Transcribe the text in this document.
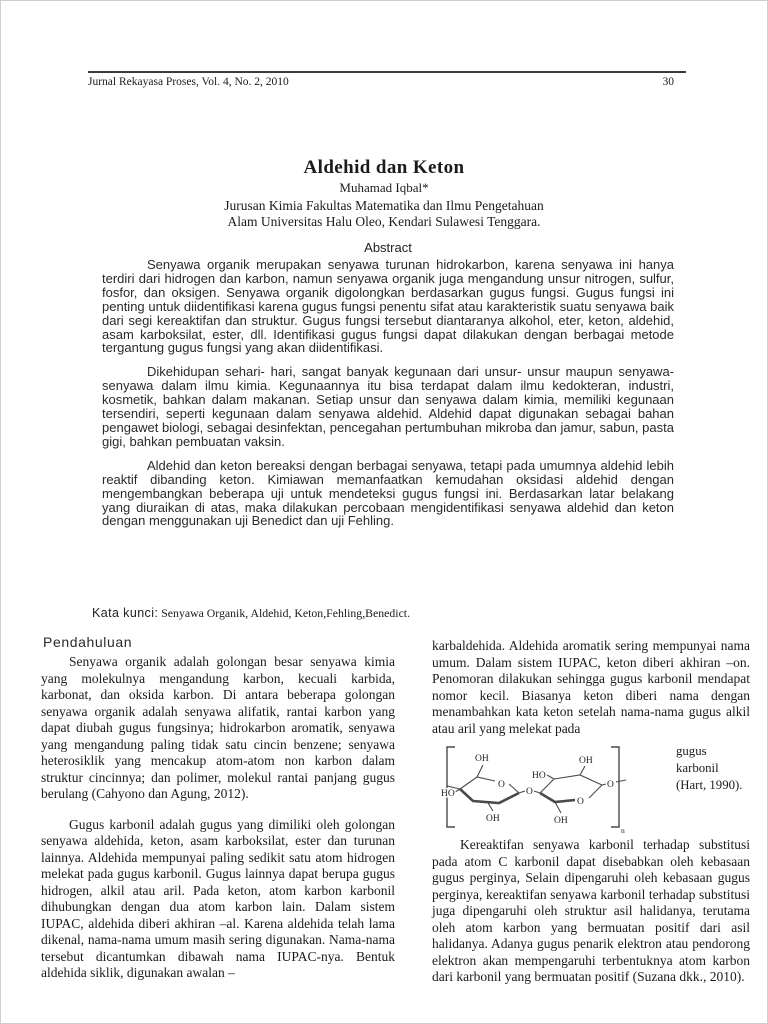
Jurnal Rekayasa Proses, Vol. 4, No. 2, 2010	30
Aldehid dan Keton
Muhamad Iqbal*
Jurusan Kimia Fakultas Matematika dan Ilmu Pengetahuan
Alam Universitas Halu Oleo, Kendari Sulawesi Tenggara.
Abstract

Senyawa organik merupakan senyawa turunan hidrokarbon, karena senyawa ini hanya terdiri dari hidrogen dan karbon, namun senyawa organik juga mengandung unsur nitrogen, sulfur, fosfor, dan oksigen. Senyawa organik digolongkan berdasarkan gugus fungsi. Gugus fungsi ini penting untuk diidentifikasi karena gugus fungsi penentu sifat atau karakteristik suatu senyawa baik dari segi kereaktifan dan struktur. Gugus fungsi tersebut diantaranya alkohol, eter, keton, aldehid, asam karboksilat, ester, dll. Identifikasi gugus fungsi dapat dilakukan dengan berbagai metode tergantung gugus fungsi yang akan diidentifikasi.

Dikehidupan sehari- hari, sangat banyak kegunaan dari unsur- unsur maupun senyawa- senyawa dalam ilmu kimia. Kegunaannya itu bisa terdapat dalam ilmu kedokteran, industri, kosmetik, bahkan dalam makanan. Setiap unsur dan senyawa dalam kimia, memiliki kegunaan tersendiri, seperti kegunaan dalam senyawa aldehid. Aldehid dapat digunakan sebagai bahan pengawet biologi, sebagai desinfektan, pencegahan pertumbuhan mikroba dan jamur, sabun, pasta gigi, bahkan pembuatan vaksin.

Aldehid dan keton bereaksi dengan berbagai senyawa, tetapi pada umumnya aldehid lebih reaktif dibanding keton. Kimiawan memanfaatkan kemudahan oksidasi aldehid dengan mengembangkan beberapa uji untuk mendeteksi gugus fungsi ini. Berdasarkan latar belakang yang diuraikan di atas, maka dilakukan percobaan mengidentifikasi senyawa aldehid dan keton dengan menggunakan uji Benedict dan uji Fehling.

Kata kunci: Senyawa Organik, Aldehid, Keton,Fehling,Benedict.
Pendahuluan

Senyawa organik adalah golongan besar senyawa kimia yang molekulnya mengandung karbon, kecuali karbida, karbonat, dan oksida karbon. Di antara beberapa golongan senyawa organik adalah senyawa alifatik, rantai karbon yang dapat diubah gugus fungsinya; hidrokarbon aromatik, senyawa yang mengandung paling tidak satu cincin benzene; senyawa heterosiklik yang mencakup atom-atom non karbon dalam struktur cincinnya; dan polimer, molekul rantai panjang gugus berulang (Cahyono dan Agung, 2012).

Gugus karbonil adalah gugus yang dimiliki oleh golongan senyawa aldehida, keton, asam karboksilat, ester dan turunan lainnya. Aldehida mempunyai paling sedikit satu atom hidrogen melekat pada gugus karbonil. Gugus lainnya dapat berupa gugus hidrogen, alkil atau aril. Pada keton, atom karbon karbonil dihubungkan dengan dua atom karbon lain. Dalam sistem IUPAC, aldehida diberi akhiran –al. Karena aldehida telah lama dikenal, nama-nama umum masih sering digunakan. Nama-nama tersebut dicantumkan dibawah nama IUPAC-nya. Bentuk aldehida siklik, digunakan awalan –

karbaldehida. Aldehida aromatik sering mempunyai nama umum. Dalam sistem IUPAC, keton diberi akhiran –on. Penomoran dilakukan sehingga gugus karbonil mendapat nomor kecil. Biasanya keton diberi nama dengan menambahkan kata keton setelah nama-nama gugus alkil atau aril yang melekat pada

OH
O
HO
OH
O
HO
OH
O
O
OH
n
gugus karbonil (Hart, 1990).

Kereaktifan senyawa karbonil terhadap substitusi pada atom C karbonil dapat disebabkan oleh kebasaan gugus perginya, Selain dipengaruhi oleh kebasaan gugus perginya, kereaktifan senyawa karbonil terhadap substitusi juga dipengaruhi oleh struktur asil halidanya, terutama oleh atom karbon yang bermuatan positif dari asil halidanya. Adanya gugus penarik elektron atau pendorong elektron akan mempengaruhi terbentuknya atom karbon dari karbonil yang bermuatan positif (Suzana dkk., 2010).
